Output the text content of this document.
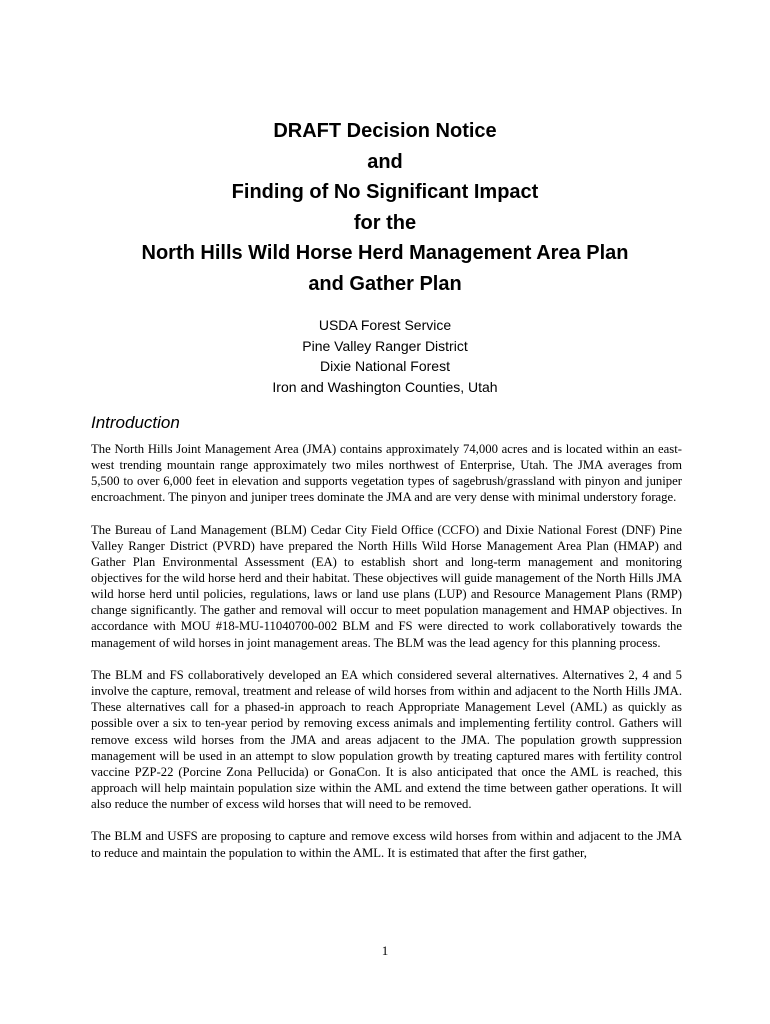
DRAFT Decision Notice
and
Finding of No Significant Impact
for the
North Hills Wild Horse Herd Management Area Plan
and Gather Plan
USDA Forest Service
Pine Valley Ranger District
Dixie National Forest
Iron and Washington Counties, Utah
Introduction

The North Hills Joint Management Area (JMA) contains approximately 74,000 acres and is located within an east-west trending mountain range approximately two miles northwest of Enterprise, Utah. The JMA averages from 5,500 to over 6,000 feet in elevation and supports vegetation types of sagebrush/grassland with pinyon and juniper encroachment. The pinyon and juniper trees dominate the JMA and are very dense with minimal understory forage.

The Bureau of Land Management (BLM) Cedar City Field Office (CCFO) and Dixie National Forest (DNF) Pine Valley Ranger District (PVRD) have prepared the North Hills Wild Horse Management Area Plan (HMAP) and Gather Plan Environmental Assessment (EA) to establish short and long-term management and monitoring objectives for the wild horse herd and their habitat. These objectives will guide management of the North Hills JMA wild horse herd until policies, regulations, laws or land use plans (LUP) and Resource Management Plans (RMP) change significantly. The gather and removal will occur to meet population management and HMAP objectives. In accordance with MOU #18-MU-11040700-002 BLM and FS were directed to work collaboratively towards the management of wild horses in joint management areas. The BLM was the lead agency for this planning process.

The BLM and FS collaboratively developed an EA which considered several alternatives. Alternatives 2, 4 and 5 involve the capture, removal, treatment and release of wild horses from within and adjacent to the North Hills JMA. These alternatives call for a phased-in approach to reach Appropriate Management Level (AML) as quickly as possible over a six to ten-year period by removing excess animals and implementing fertility control. Gathers will remove excess wild horses from the JMA and areas adjacent to the JMA. The population growth suppression management will be used in an attempt to slow population growth by treating captured mares with fertility control vaccine PZP-22 (Porcine Zona Pellucida) or GonaCon. It is also anticipated that once the AML is reached, this approach will help maintain population size within the AML and extend the time between gather operations. It will also reduce the number of excess wild horses that will need to be removed.

The BLM and USFS are proposing to capture and remove excess wild horses from within and adjacent to the JMA to reduce and maintain the population to within the AML. It is estimated that after the first gather,

1
